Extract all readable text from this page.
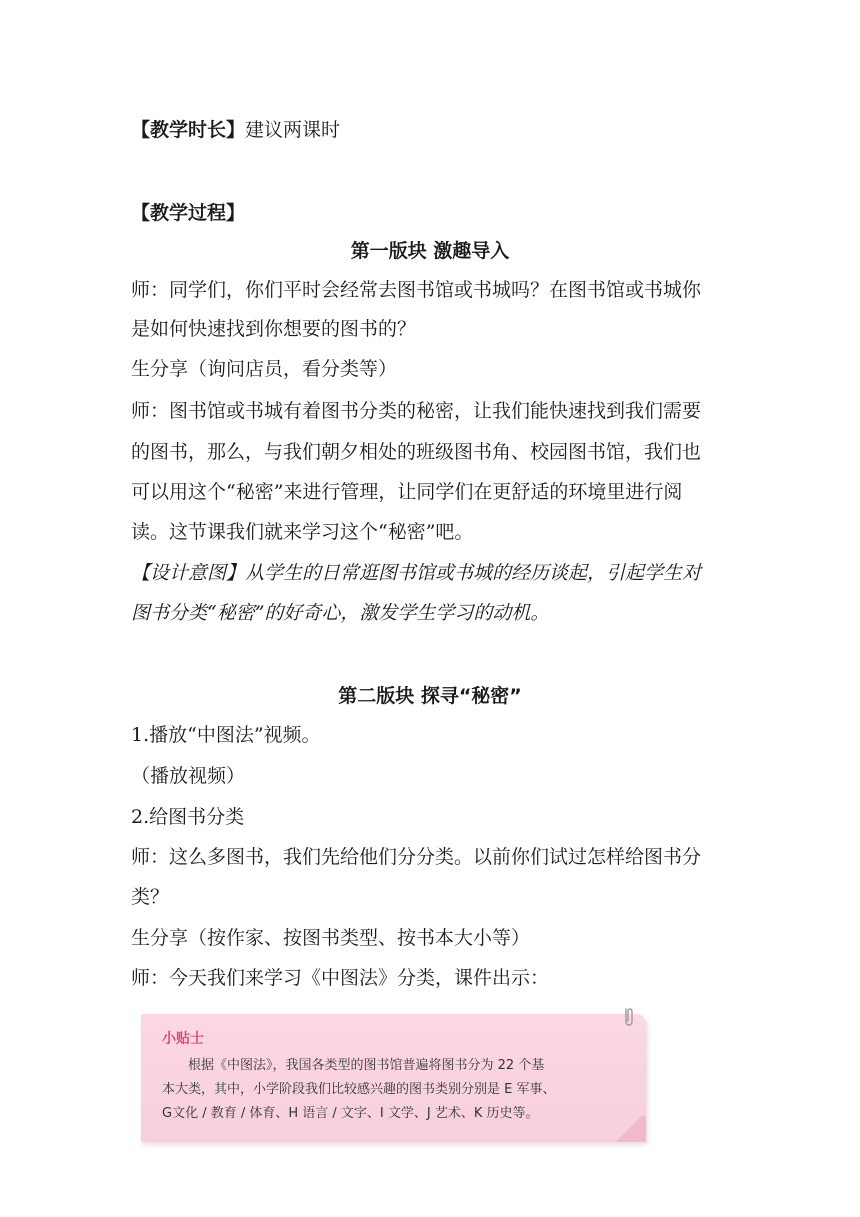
【教学时长】建议两课时
【教学过程】
第一版块 激趣导入
师：同学们，你们平时会经常去图书馆或书城吗？在图书馆或书城你
是如何快速找到你想要的图书的？
生分享（询问店员，看分类等）
师：图书馆或书城有着图书分类的秘密，让我们能快速找到我们需要
的图书，那么，与我们朝夕相处的班级图书角、校园图书馆，我们也
可以用这个“秘密”来进行管理，让同学们在更舒适的环境里进行阅
读。这节课我们就来学习这个“秘密”吧。
【设计意图】从学生的日常逛图书馆或书城的经历谈起，引起学生对
图书分类“秘密”的好奇心，激发学生学习的动机。
第二版块 探寻“秘密”
1.播放“中图法”视频。
（播放视频）
2.给图书分类
师：这么多图书，我们先给他们分分类。以前你们试过怎样给图书分
类？
生分享（按作家、按图书类型、按书本大小等）
师：今天我们来学习《中图法》分类，课件出示：
小贴士
　　根据《中图法》，我国各类型的图书馆普遍将图书分为 22 个基
本大类，其中，小学阶段我们比较感兴趣的图书类别分别是 E 军事、
G文化 / 教育 / 体育、H 语言 / 文字、I 文学、J 艺术、K 历史等。
